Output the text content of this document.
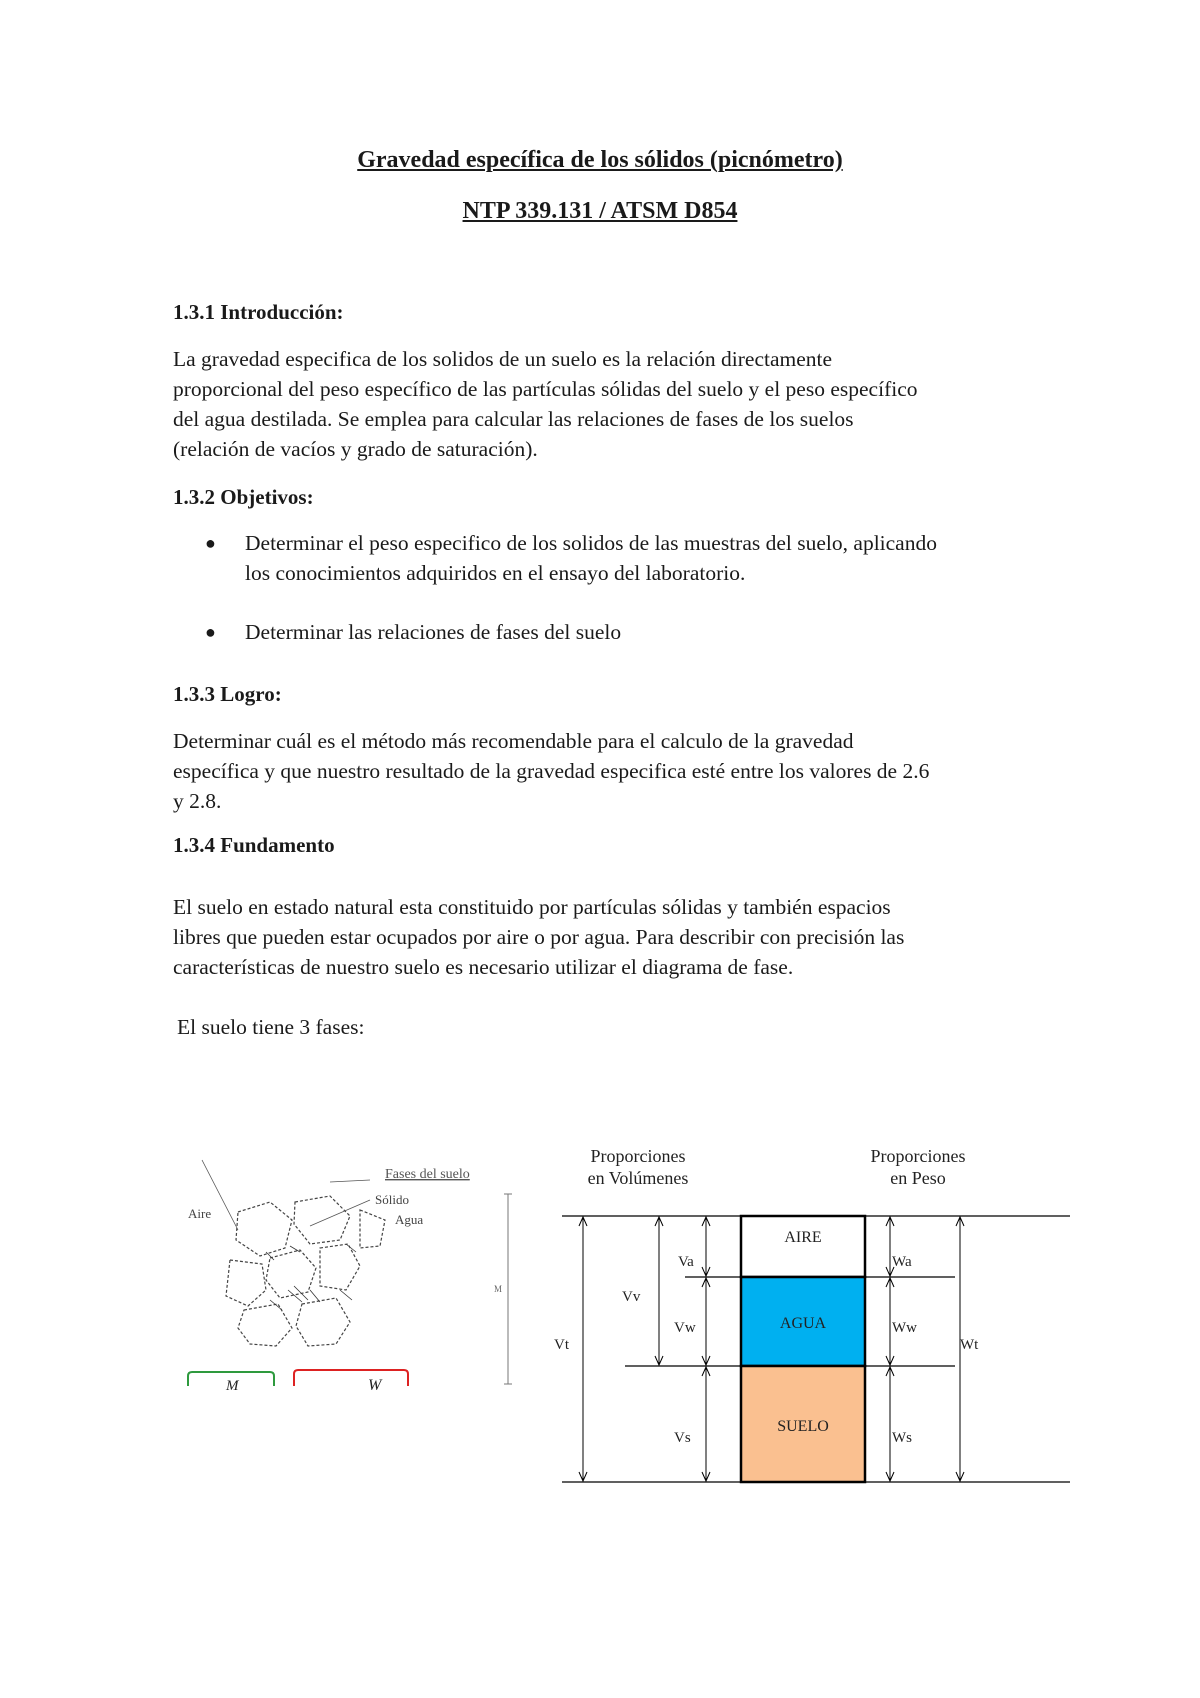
Gravedad específica de los sólidos (picnómetro)
NTP 339.131 / ATSM D854
1.3.1 Introducción:
La gravedad especifica de los solidos de un suelo es la relación directamente
proporcional del peso específico de las partículas sólidas del suelo y el peso específico
del agua destilada. Se emplea para calcular las relaciones de fases de los suelos
(relación de vacíos y grado de saturación).
1.3.2 Objetivos:
● Determinar el peso especifico de los solidos de las muestras del suelo, aplicando
los conocimientos adquiridos en el ensayo del laboratorio.
● Determinar las relaciones de fases del suelo
1.3.3 Logro:
Determinar cuál es el método más recomendable para el calculo de la gravedad
específica y que nuestro resultado de la gravedad especifica esté entre los valores de 2.6
y 2.8.
1.3.4 Fundamento
El suelo en estado natural esta constituido por partículas sólidas y también espacios
libres que pueden estar ocupados por aire o por agua. Para describir con precisión las
características de nuestro suelo es necesario utilizar el diagrama de fase.
El suelo tiene 3 fases:
Fases del suelo
Aire
Sólido
Agua
M	W
M
Proporciones
en Volúmenes
Proporciones
en Peso
AIRE
AGUA
SUELO
Va
Vw
Vs
Vv
Vt
Wa
Ww
Ws
Wt
